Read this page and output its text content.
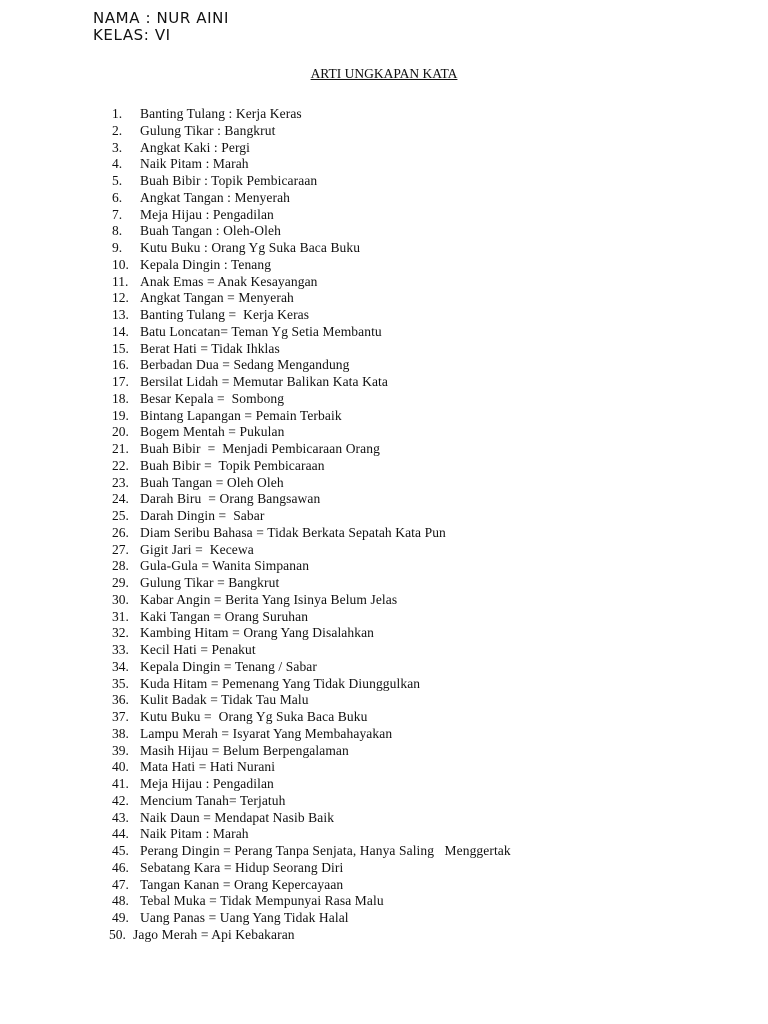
NAMA : NUR AINI
KELAS: VI
ARTI UNGKAPAN KATA
1. Banting Tulang : Kerja Keras
2. Gulung Tikar : Bangkrut
3. Angkat Kaki : Pergi
4. Naik Pitam : Marah
5. Buah Bibir : Topik Pembicaraan
6. Angkat Tangan : Menyerah
7. Meja Hijau : Pengadilan
8. Buah Tangan : Oleh-Oleh
9. Kutu Buku : Orang Yg Suka Baca Buku
10. Kepala Dingin : Tenang
11. Anak Emas = Anak Kesayangan
12. Angkat Tangan = Menyerah
13. Banting Tulang =  Kerja Keras
14. Batu Loncatan= Teman Yg Setia Membantu
15. Berat Hati = Tidak Ihklas
16. Berbadan Dua = Sedang Mengandung
17. Bersilat Lidah = Memutar Balikan Kata Kata
18. Besar Kepala =  Sombong
19. Bintang Lapangan = Pemain Terbaik
20. Bogem Mentah = Pukulan
21. Buah Bibir  =  Menjadi Pembicaraan Orang
22. Buah Bibir =  Topik Pembicaraan
23. Buah Tangan = Oleh Oleh
24. Darah Biru  = Orang Bangsawan
25. Darah Dingin =  Sabar
26. Diam Seribu Bahasa = Tidak Berkata Sepatah Kata Pun
27. Gigit Jari =  Kecewa
28. Gula-Gula = Wanita Simpanan
29. Gulung Tikar = Bangkrut
30. Kabar Angin = Berita Yang Isinya Belum Jelas
31. Kaki Tangan = Orang Suruhan
32. Kambing Hitam = Orang Yang Disalahkan
33. Kecil Hati = Penakut
34. Kepala Dingin = Tenang / Sabar
35. Kuda Hitam = Pemenang Yang Tidak Diunggulkan
36. Kulit Badak = Tidak Tau Malu
37. Kutu Buku =  Orang Yg Suka Baca Buku
38. Lampu Merah = Isyarat Yang Membahayakan
39. Masih Hijau = Belum Berpengalaman
40. Mata Hati = Hati Nurani
41. Meja Hijau : Pengadilan
42. Mencium Tanah= Terjatuh
43. Naik Daun = Mendapat Nasib Baik
44. Naik Pitam : Marah
45. Perang Dingin = Perang Tanpa Senjata, Hanya Saling   Menggertak
46. Sebatang Kara = Hidup Seorang Diri
47. Tangan Kanan = Orang Kepercayaan
48. Tebal Muka = Tidak Mempunyai Rasa Malu
49. Uang Panas = Uang Yang Tidak Halal
50. Jago Merah = Api Kebakaran
